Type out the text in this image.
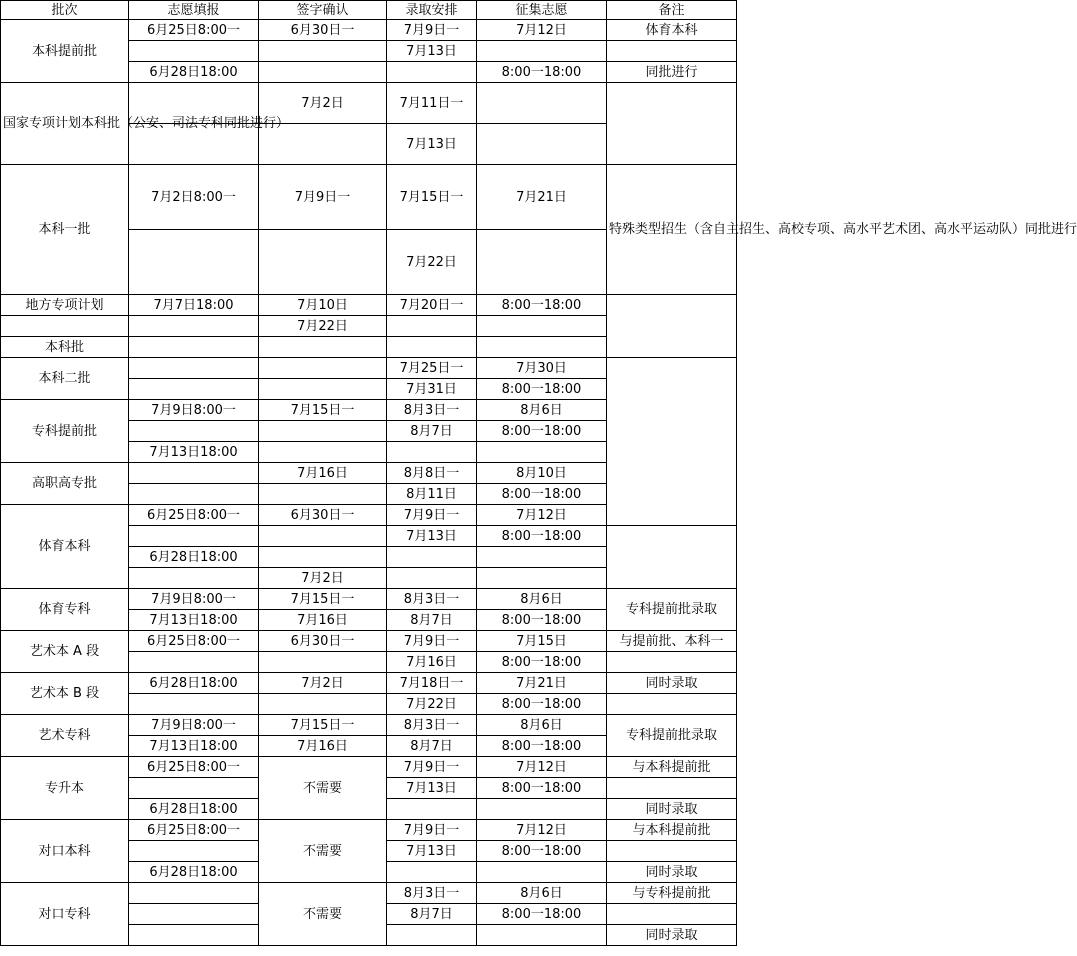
批次	志愿填报	签字确认	录取安排	征集志愿	备注	
本科提前批	6月25日8:00一	6月30日一	7月9日一	7月12日	体育本科	
			7月13日			
	6月28日18:00			8:00一18:00	同批进行	
国家专项计划本科批（公安、司法专科同批进行）		7月2日	7月11日一			
			7月13日			
本科一批	7月2日8:00一	7月9日一	7月15日一	7月21日	特殊类型招生（含自主招生、高校专项、高水平艺术团、高水平运动队）同批进行	
			7月22日			
地方专项计划	7月7日18:00	7月10日	7月20日一	8:00一18:00		
		7月22日				
本科批						
本科二批			7月25日一	7月30日		
			7月31日	8:00一18:00		
专科提前批	7月9日8:00一	7月15日一	8月3日一	8月6日		
			8月7日	8:00一18:00		
	7月13日18:00					
高职高专批		7月16日	8月8日一	8月10日		
			8月11日	8:00一18:00		
体育本科	6月25日8:00一	6月30日一	7月9日一	7月12日	
			7月13日	8:00一18:00		
	6月28日18:00					
		7月2日				
体育专科	7月9日8:00一	7月15日一	8月3日一	8月6日	专科提前批录取	
	7月13日18:00	7月16日	8月7日	8:00一18:00		
艺术本 A 段	6月25日8:00一	6月30日一	7月9日一	7月15日	与提前批、本科一	
			7月16日	8:00一18:00		
艺术本 B 段	6月28日18:00	7月2日	7月18日一	7月21日	同时录取	
			7月22日	8:00一18:00		
艺术专科	7月9日8:00一	7月15日一	8月3日一	8月6日	专科提前批录取	
	7月13日18:00	7月16日	8月7日	8:00一18:00		
专升本	6月25日8:00一	不需要	7月9日一	7月12日	与本科提前批	
			7月13日	8:00一18:00		
	6月28日18:00				同时录取	
对口本科	6月25日8:00一	不需要	7月9日一	7月12日	与本科提前批	
			7月13日	8:00一18:00		
	6月28日18:00				同时录取	
对口专科		不需要	8月3日一	8月6日	与专科提前批	
			8月7日	8:00一18:00		
					同时录取	
